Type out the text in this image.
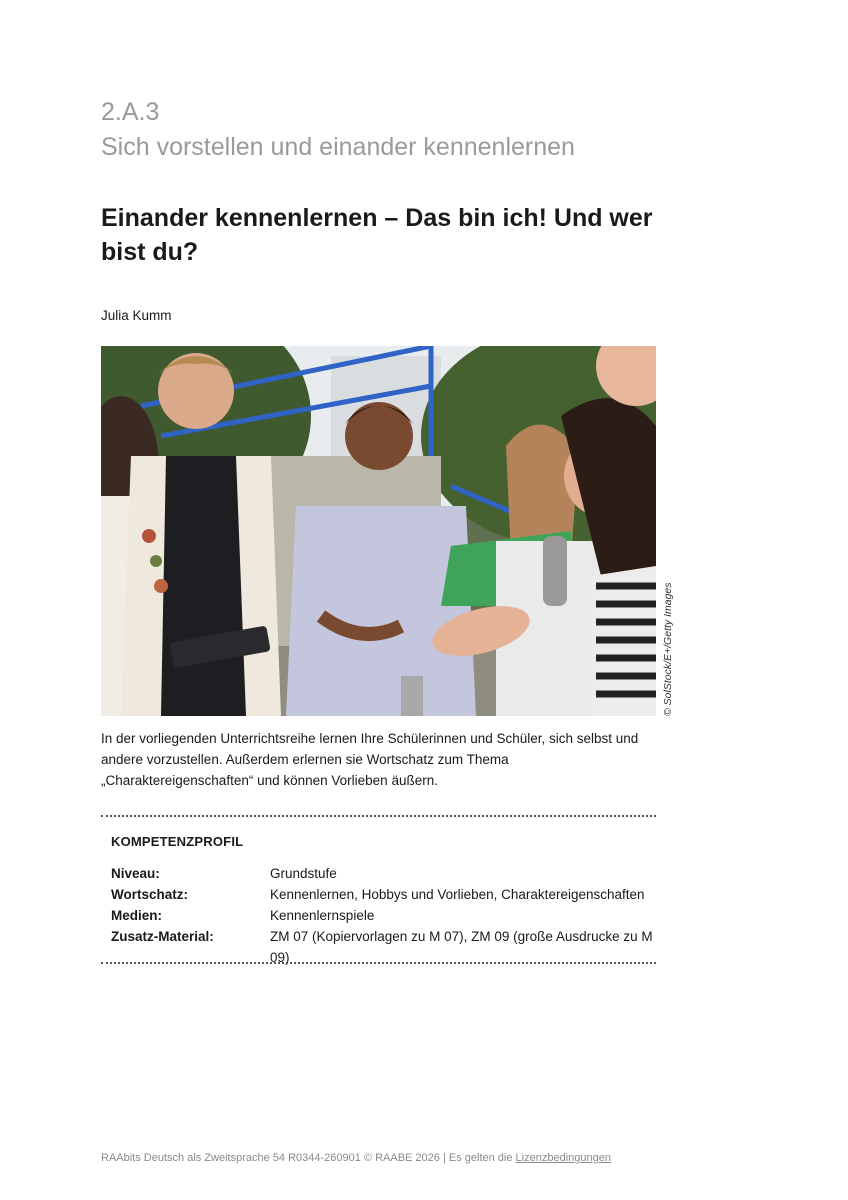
2.A.3
Sich vorstellen und einander kennenlernen
Einander kennenlernen – Das bin ich! Und wer bist du?
Julia Kumm
© SolStock/E+/Getty Images

In der vorliegenden Unterrichtsreihe lernen Ihre Schülerinnen und Schüler, sich selbst und andere vorzustellen. Außerdem erlernen sie Wortschatz zum Thema „Charaktereigenschaften“ und können Vorlieben äußern.

KOMPETENZPROFIL
Niveau:	Grundstufe
Wortschatz:	Kennenlernen, Hobbys und Vorlieben, Charaktereigenschaften
Medien:	Kennenlernspiele
Zusatz-Material:	ZM 07 (Kopiervorlagen zu M 07), ZM 09 (große Ausdrucke zu M 09)
RAAbits Deutsch als Zweitsprache 54 R0344-260901 © RAABE 2026 | Es gelten die Lizenzbedingungen
